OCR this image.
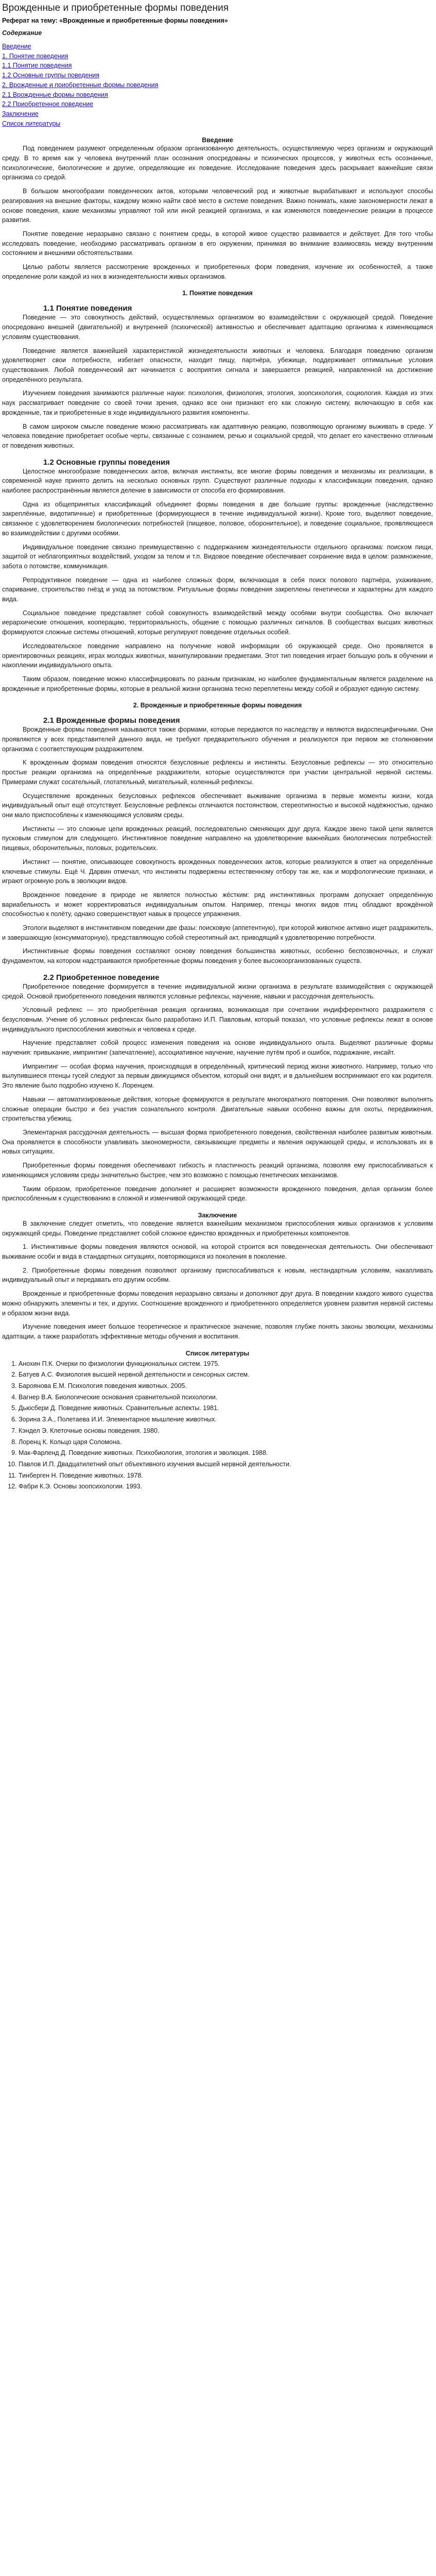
Врожденные и приобретенные формы поведения
Реферат на тему: «Врожденные и приобретенные формы поведения»
Содержание
Введение
1. Понятие поведения
1.1 Понятие поведения
1.2 Основные группы поведения
2. Врожденные и приобретенные формы поведения
2.1 Врожденные формы поведения
2.2 Приобретенное поведение
Заключение
Список литературы
Введение

Под поведением разумеют определенным образом организованную деятельность, осуществляемую через организм и окружающий среду. В то время как у человека внутренний план осознания опосредованы и психических процессов, у животных есть осознанные, психологические, биологические и другие, определяющие их поведение. Исследование поведения здесь раскрывает важнейшие связи организма со средой.

В большом многообразии поведенческих актов, которыми человеческий род и животные вырабатывают и используют способы реагирования на внешние факторы, каждому можно найти своё место в системе поведения. Важно понимать, какие закономерности лежат в основе поведения, какие механизмы управляют той или иной реакцией организма, и как изменяются поведенческие реакции в процессе развития.

Понятие поведение неразрывно связано с понятием среды, в которой живое существо развивается и действует. Для того чтобы исследовать поведение, необходимо рассматривать организм в его окружении, принимая во внимание взаимосвязь между внутренним состоянием и внешними обстоятельствами.

Целью работы является рассмотрение врожденных и приобретенных форм поведения, изучение их особенностей, а также определение роли каждой из них в жизнедеятельности живых организмов.

1. Понятие поведения
1.1 Понятие поведения

Поведение — это совокупность действий, осуществляемых организмом во взаимодействии с окружающей средой. Поведение опосредовано внешней (двигательной) и внутренней (психической) активностью и обеспечивает адаптацию организма к изменяющимся условиям существования.

Поведение является важнейшей характеристикой жизнедеятельности животных и человека. Благодаря поведению организм удовлетворяет свои потребности, избегает опасности, находит пищу, партнёра, убежище, поддерживает оптимальные условия существования. Любой поведенческий акт начинается с восприятия сигнала и завершается реакцией, направленной на достижение определённого результата.

Изучением поведения занимаются различные науки: психология, физиология, этология, зоопсихология, социология. Каждая из этих наук рассматривает поведение со своей точки зрения, однако все они признают его как сложную систему, включающую в себя как врожденные, так и приобретенные в ходе индивидуального развития компоненты.

В самом широком смысле поведение можно рассматривать как адаптивную реакцию, позволяющую организму выживать в среде. У человека поведение приобретает особые черты, связанные с сознанием, речью и социальной средой, что делает его качественно отличным от поведения животных.

1.2 Основные группы поведения

Целостное многообразие поведенческих актов, включая инстинкты, все многие формы поведения и механизмы их реализации, в современной науке принято делить на несколько основных групп. Существуют различные подходы к классификации поведения, однако наиболее распространённым является деление в зависимости от способа его формирования.

Одна из общепринятых классификаций объединяет формы поведения в две большие группы: врожденные (наследственно закреплённые, видотипичные) и приобретенные (формирующиеся в течение индивидуальной жизни). Кроме того, выделяют поведение, связанное с удовлетворением биологических потребностей (пищевое, половое, оборонительное), и поведение социальное, проявляющееся во взаимодействии с другими особями.

Индивидуальное поведение связано преимущественно с поддержанием жизнедеятельности отдельного организма: поиском пищи, защитой от неблагоприятных воздействий, уходом за телом и т.п. Видовое поведение обеспечивает сохранение вида в целом: размножение, забота о потомстве, коммуникация.

Репродуктивное поведение — одна из наиболее сложных форм, включающая в себя поиск полового партнёра, ухаживание, спаривание, строительство гнёзд и уход за потомством. Ритуальные формы поведения закреплены генетически и характерны для каждого вида.

Социальное поведение представляет собой совокупность взаимодействий между особями внутри сообщества. Оно включает иерархические отношения, кооперацию, территориальность, общение с помощью различных сигналов. В сообществах высших животных формируются сложные системы отношений, которые регулируют поведение отдельных особей.

Исследовательское поведение направлено на получение новой информации об окружающей среде. Оно проявляется в ориентировочных реакциях, играх молодых животных, манипулировании предметами. Этот тип поведения играет большую роль в обучении и накоплении индивидуального опыта.

Таким образом, поведение можно классифицировать по разным признакам, но наиболее фундаментальным является разделение на врожденные и приобретенные формы, которые в реальной жизни организма тесно переплетены между собой и образуют единую систему.

2. Врожденные и приобретенные формы поведения
2.1 Врожденные формы поведения

Врожденные формы поведения называются также формами, которые передаются по наследству и являются видоспецифичными. Они проявляются у всех представителей данного вида, не требуют предварительного обучения и реализуются при первом же столкновении организма с соответствующим раздражителем.

К врожденным формам поведения относятся безусловные рефлексы и инстинкты. Безусловные рефлексы — это относительно простые реакции организма на определённые раздражители, которые осуществляются при участии центральной нервной системы. Примерами служат сосательный, глотательный, мигательный, коленный рефлексы.

Осуществление врожденных безусловных рефлексов обеспечивает выживание организма в первые моменты жизни, когда индивидуальный опыт ещё отсутствует. Безусловные рефлексы отличаются постоянством, стереотипностью и высокой надёжностью, однако они мало приспособлены к изменяющимся условиям среды.

Инстинкты — это сложные цепи врожденных реакций, последовательно сменяющих друг друга. Каждое звено такой цепи является пусковым стимулом для следующего. Инстинктивное поведение направлено на удовлетворение важнейших биологических потребностей: пищевых, оборонительных, половых, родительских.

Инстинкт — понятие, описывающее совокупность врожденных поведенческих актов, которые реализуются в ответ на определённые ключевые стимулы. Ещё Ч. Дарвин отмечал, что инстинкты подвержены естественному отбору так же, как и морфологические признаки, и играют огромную роль в эволюции видов.

Врожденное поведение в природе не является полностью жёстким: ряд инстинктивных программ допускает определённую вариабельность и может корректироваться индивидуальным опытом. Например, птенцы многих видов птиц обладают врождённой способностью к полёту, однако совершенствуют навык в процессе упражнения.

Этологи выделяют в инстинктивном поведении две фазы: поисковую (аппетентную), при которой животное активно ищет раздражитель, и завершающую (консумматорную), представляющую собой стереотипный акт, приводящий к удовлетворению потребности.

Инстинктивные формы поведения составляют основу поведения большинства животных, особенно беспозвоночных, и служат фундаментом, на котором надстраиваются приобретенные формы поведения у более высокоорганизованных существ.

2.2 Приобретенное поведение

Приобретенное поведение формируется в течение индивидуальной жизни организма в результате взаимодействия с окружающей средой. Основой приобретенного поведения являются условные рефлексы, научение, навыки и рассудочная деятельность.

Условный рефлекс — это приобретённая реакция организма, возникающая при сочетании индифферентного раздражителя с безусловным. Учение об условных рефлексах было разработано И.П. Павловым, который показал, что условные рефлексы лежат в основе индивидуального приспособления животных и человека к среде.

Научение представляет собой процесс изменения поведения на основе индивидуального опыта. Выделяют различные формы научения: привыкание, импринтинг (запечатление), ассоциативное научение, научение путём проб и ошибок, подражание, инсайт.

Импринтинг — особая форма научения, происходящая в определённый, критический период жизни животного. Например, только что вылупившиеся птенцы гусей следуют за первым движущимся объектом, который они видят, и в дальнейшем воспринимают его как родителя. Это явление было подробно изучено К. Лоренцем.

Навыки — автоматизированные действия, которые формируются в результате многократного повторения. Они позволяют выполнять сложные операции быстро и без участия сознательного контроля. Двигательные навыки особенно важны для охоты, передвижения, строительства убежищ.

Элементарная рассудочная деятельность — высшая форма приобретенного поведения, свойственная наиболее развитым животным. Она проявляется в способности улавливать закономерности, связывающие предметы и явления окружающей среды, и использовать их в новых ситуациях.

Приобретенные формы поведения обеспечивают гибкость и пластичность реакций организма, позволяя ему приспосабливаться к изменяющимся условиям среды значительно быстрее, чем это возможно с помощью генетических механизмов.

Таким образом, приобретенное поведение дополняет и расширяет возможности врожденного поведения, делая организм более приспособленным к существованию в сложной и изменчивой окружающей среде.

Заключение

В заключение следует отметить, что поведение является важнейшим механизмом приспособления живых организмов к условиям окружающей среды. Поведение представляет собой сложное единство врожденных и приобретенных компонентов.

1. Инстинктивные формы поведения являются основой, на которой строится вся поведенческая деятельность. Они обеспечивают выживание особи и вида в стандартных ситуациях, повторяющихся из поколения в поколение.

2. Приобретенные формы поведения позволяют организму приспосабливаться к новым, нестандартным условиям, накапливать индивидуальный опыт и передавать его другим особям.

Врожденные и приобретенные формы поведения неразрывно связаны и дополняют друг друга. В поведении каждого живого существа можно обнаружить элементы и тех, и других. Соотношение врожденного и приобретенного определяется уровнем развития нервной системы и образом жизни вида.

Изучение поведения имеет большое теоретическое и практическое значение, позволяя глубже понять законы эволюции, механизмы адаптации, а также разработать эффективные методы обучения и воспитания.

Список литературы
1. Анохин П.К. Очерки по физиологии функциональных систем. 1975.
2. Батуев А.С. Физиология высшей нервной деятельности и сенсорных систем.
3. Бароянова Е.М. Психология поведения животных. 2005.
4. Вагнер В.А. Биологические основания сравнительной психологии.
5. Дьюсбери Д. Поведение животных. Сравнительные аспекты. 1981.
6. Зорина З.А., Полетаева И.И. Элементарное мышление животных.
7. Кэндел Э. Клеточные основы поведения. 1980.
8. Лоренц К. Кольцо царя Соломона.
9. Мак-Фарленд Д. Поведение животных. Психобиология, этология и эволюция. 1988.
10. Павлов И.П. Двадцатилетний опыт объективного изучения высшей нервной деятельности.
11. Тинберген Н. Поведение животных. 1978.
12. Фабри К.Э. Основы зоопсихологии. 1993.
